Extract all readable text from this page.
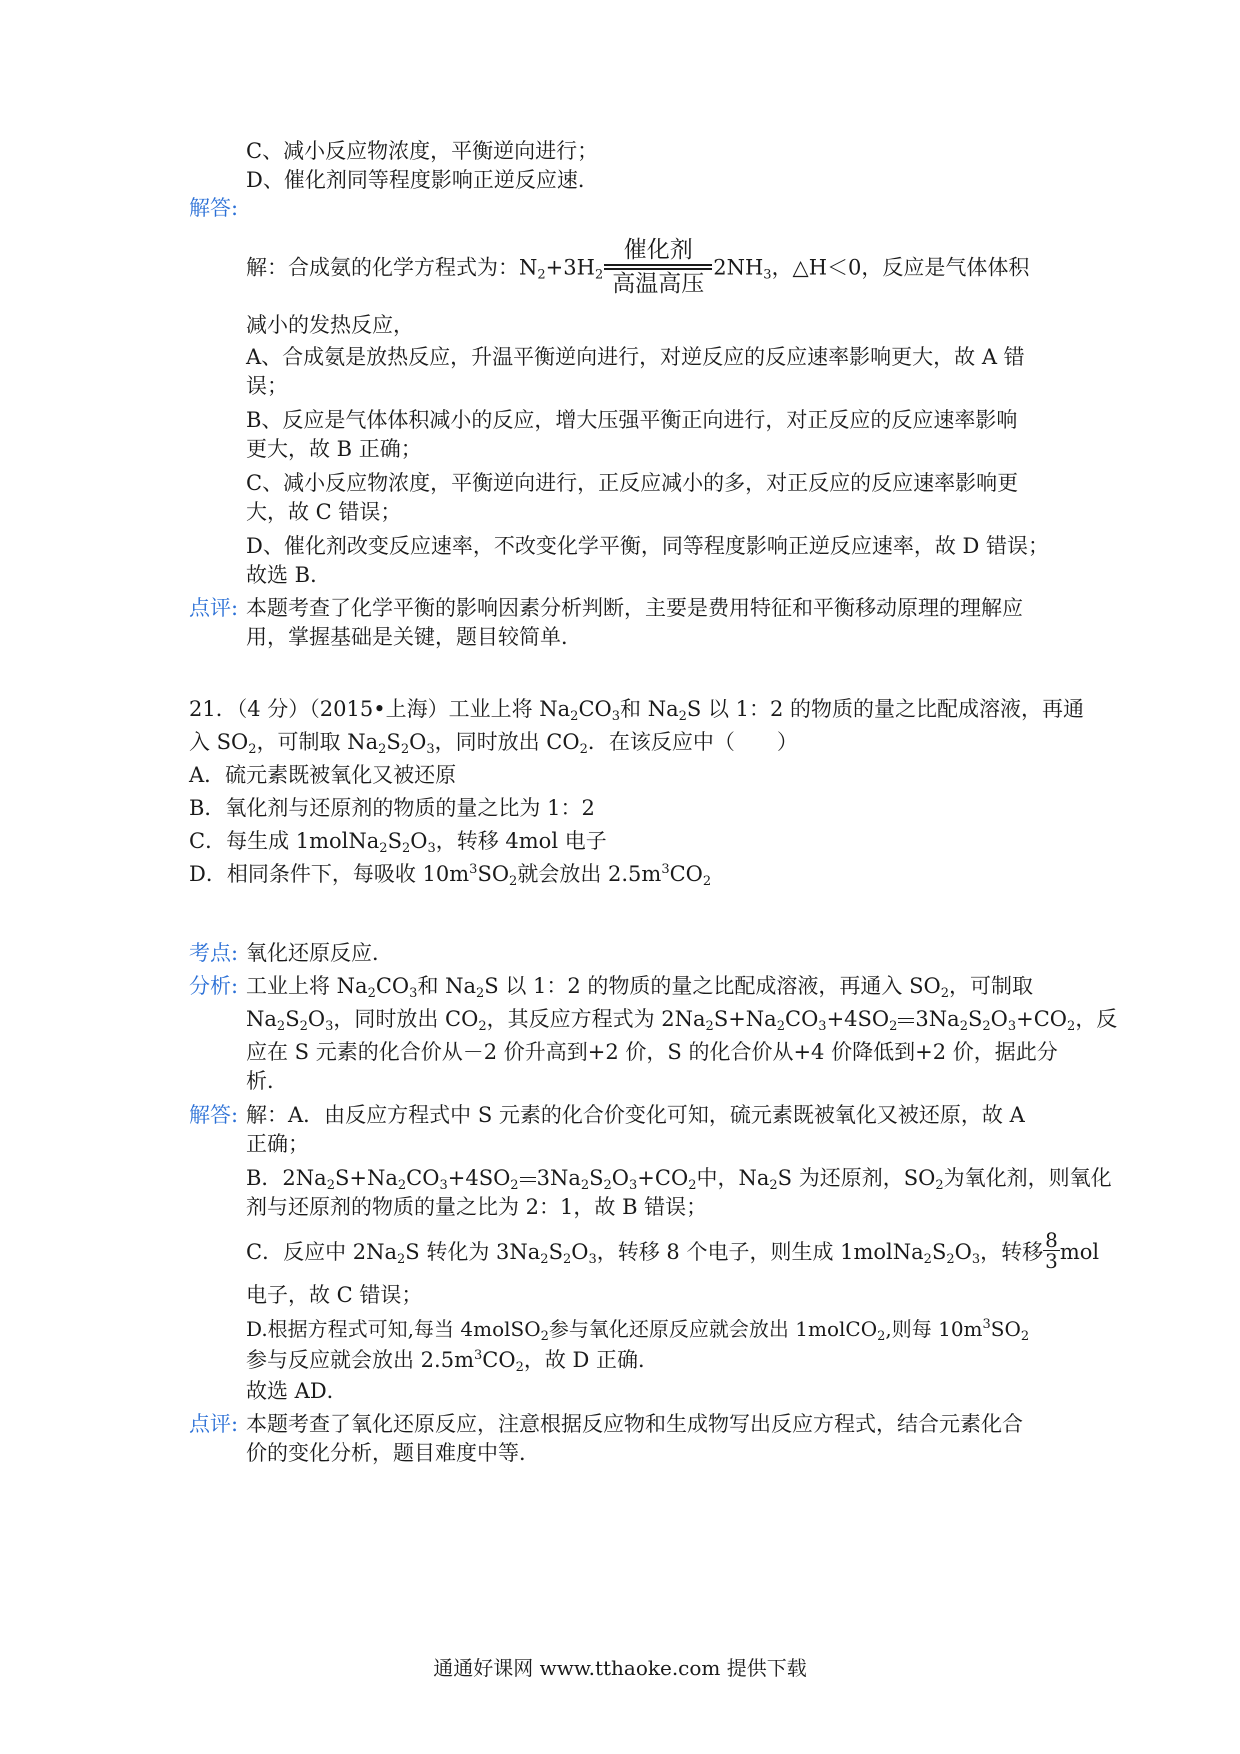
C、减小反应物浓度，平衡逆向进行；
D、催化剂同等程度影响正逆反应速．
解答:
解：合成氨的化学方程式为：$N_2+3H_2$
催化剂
高温高压
$2NH_3$，△H＜0，反应是气体体积
减小的发热反应，
A、合成氨是放热反应，升温平衡逆向进行，对逆反应的反应速率影响更大，故 A 错
误；
B、反应是气体体积减小的反应，增大压强平衡正向进行，对正反应的反应速率影响
更大，故 B 正确；
C、减小反应物浓度，平衡逆向进行，正反应减小的多，对正反应的反应速率影响更
大，故 C 错误；
D、催化剂改变反应速率，不改变化学平衡，同等程度影响正逆反应速率，故 D 错误；
故选 B．
点评: 本题考查了化学平衡的影响因素分析判断，主要是费用特征和平衡移动原理的理解应
用，掌握基础是关键，题目较简单．
21．（4 分）（2015•上海）工业上将 $Na_2CO_3$和 $Na_2S$ 以 1：2 的物质的量之比配成溶液，再通
入 $SO_2$，可制取 $Na_2S_2O_3$，同时放出 $CO_2$．在该反应中（　　）
A．硫元素既被氧化又被还原
B．氧化剂与还原剂的物质的量之比为 1：2
C．每生成 $1molNa_2S_2O_3$，转移 4mol 电子
D．相同条件下，每吸收 $10m^3SO_2$就会放出 $2.5m^3CO_2$
考点: 氧化还原反应．
分析: 工业上将 $Na_2CO_3$和 $Na_2S$ 以 1：2 的物质的量之比配成溶液，再通入 $SO_2$，可制取
$Na_2S_2O_3$，同时放出 $CO_2$，其反应方程式为 $2Na_2S+Na_2CO_3+4SO_2$ $3Na_2S_2O_3+CO_2$，反
应在 S 元素的化合价从－2 价升高到+2 价，S 的化合价从+4 价降低到+2 价，据此分
析．
解答: 解：A．由反应方程式中 S 元素的化合价变化可知，硫元素既被氧化又被还原，故 A
正确；
B．$2Na_2S+Na_2CO_3+4SO_2$ $3Na_2S_2O_3+CO_2$中，$Na_2S$ 为还原剂，$SO_2$为氧化剂，则氧化
剂与还原剂的物质的量之比为 2：1，故 B 错误；
C．反应中 $2Na_2S$ 转化为 $3Na_2S_2O_3$，转移 8 个电子，则生成 $1molNa_2S_2O_3$，转移 $\frac{8}{3}$ mol
电子，故 C 错误；
D.根据方程式可知,每当 4molSO$_2$参与氧化还原反应就会放出 1molCO$_2$,则每 $10m^3SO_2$
参与反应就会放出 $2.5m^3CO_2$，故 D 正确．
故选 AD．
点评: 本题考查了氧化还原反应，注意根据反应物和生成物写出反应方程式，结合元素化合
价的变化分析，题目难度中等．
通通好课网 www.tthaoke.com 提供下载
